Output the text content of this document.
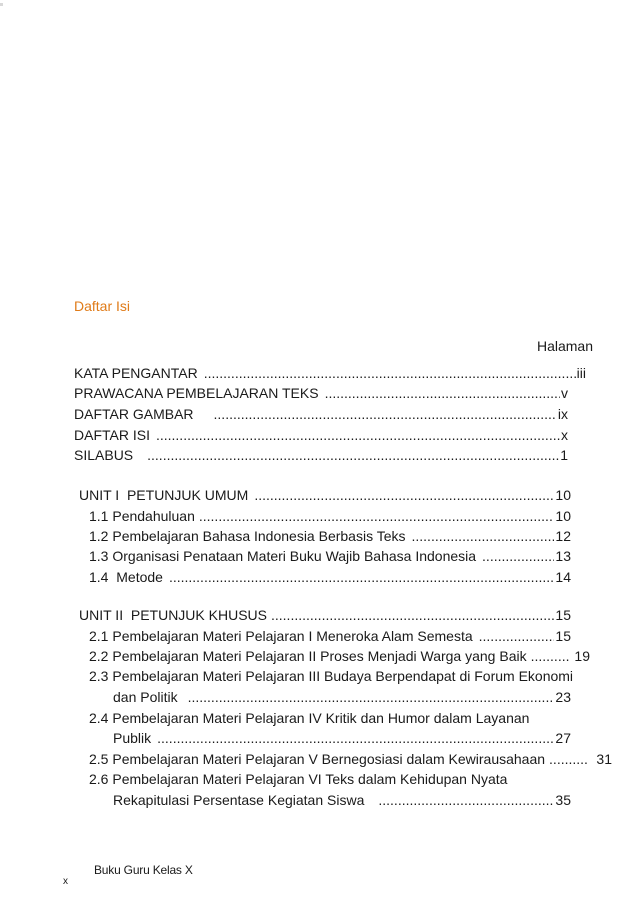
Daftar Isi
Halaman
KATA PENGANTAR .....	iii
PRAWACANA PEMBELAJARAN TEKS .....	v
DAFTAR GAMBAR .....	ix
DAFTAR ISI .....	x
SILABUS .....	1
UNIT I  PETUNJUK UMUM .....	10
1.1 Pendahuluan .....	10
1.2 Pembelajaran Bahasa Indonesia Berbasis Teks .....	12
1.3 Organisasi Penataan Materi Buku Wajib Bahasa Indonesia .....	13
1.4  Metode .....	14
UNIT II  PETUNJUK KHUSUS .....	15
2.1 Pembelajaran Materi Pelajaran I Meneroka Alam Semesta .....	15
2.2 Pembelajaran Materi Pelajaran II Proses Menjadi Warga yang Baik .....	19
2.3 Pembelajaran Materi Pelajaran III Budaya Berpendapat di Forum Ekonomi
dan Politik .....	23
2.4 Pembelajaran Materi Pelajaran IV Kritik dan Humor dalam Layanan
Publik .....	27
2.5 Pembelajaran Materi Pelajaran V Bernegosiasi dalam Kewirausahaan .....	31
2.6 Pembelajaran Materi Pelajaran VI Teks dalam Kehidupan Nyata
Rekapitulasi Persentase Kegiatan Siswa .....	35
Buku Guru Kelas X
x
